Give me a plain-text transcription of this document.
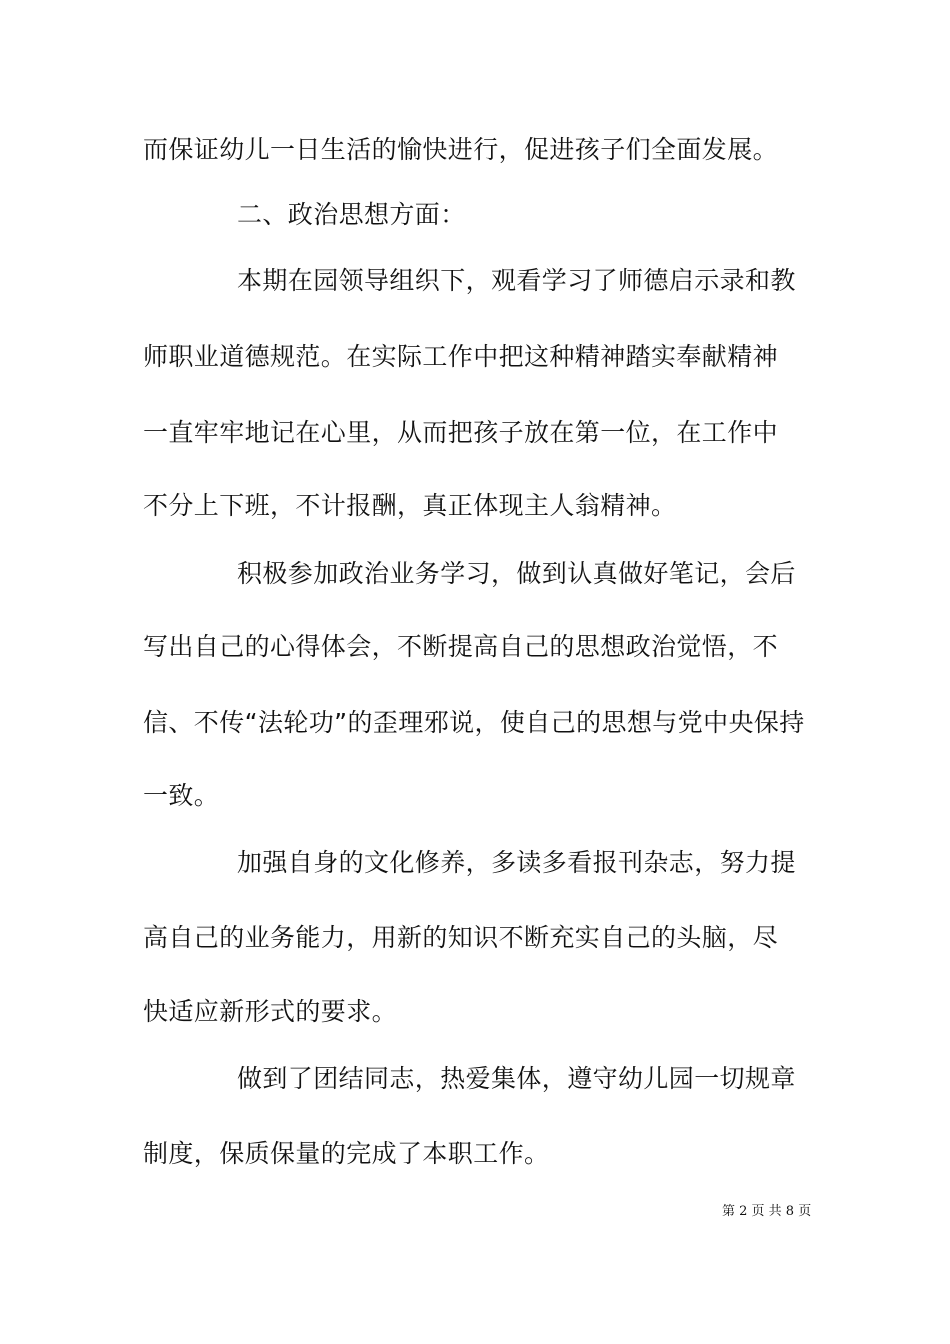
而保证幼儿一日生活的愉快进行，促进孩子们全面发展。
二、政治思想方面：
本期在园领导组织下，观看学习了师德启示录和教
师职业道德规范。在实际工作中把这种精神踏实奉献精神
一直牢牢地记在心里，从而把孩子放在第一位，在工作中
不分上下班，不计报酬，真正体现主人翁精神。
积极参加政治业务学习，做到认真做好笔记，会后
写出自己的心得体会，不断提高自己的思想政治觉悟，不
信、不传“法轮功”的歪理邪说，使自己的思想与党中央保持
一致。
加强自身的文化修养，多读多看报刊杂志，努力提
高自己的业务能力，用新的知识不断充实自己的头脑，尽
快适应新形式的要求。
做到了团结同志，热爱集体，遵守幼儿园一切规章
制度，保质保量的完成了本职工作。
第 2 页 共 8 页
